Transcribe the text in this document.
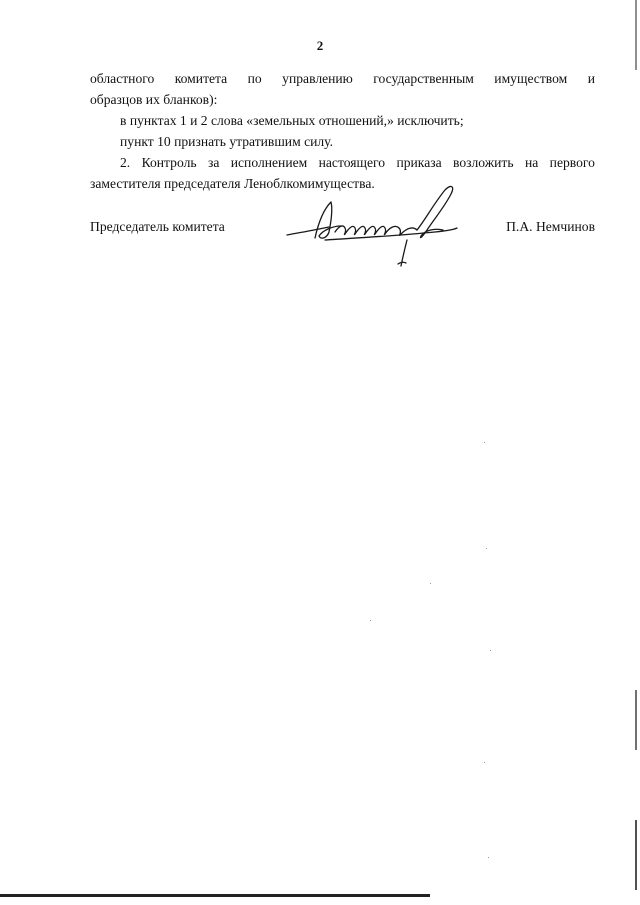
2
областного комитета по управлению государственным имуществом и
образцов их бланков):
в пунктах 1 и 2 слова «земельных отношений,» исключить;
пункт 10 признать утратившим силу.
2. Контроль за исполнением настоящего приказа возложить на первого
заместителя председателя Леноблкомимущества.
Председатель комитета	П.А. Немчинов
